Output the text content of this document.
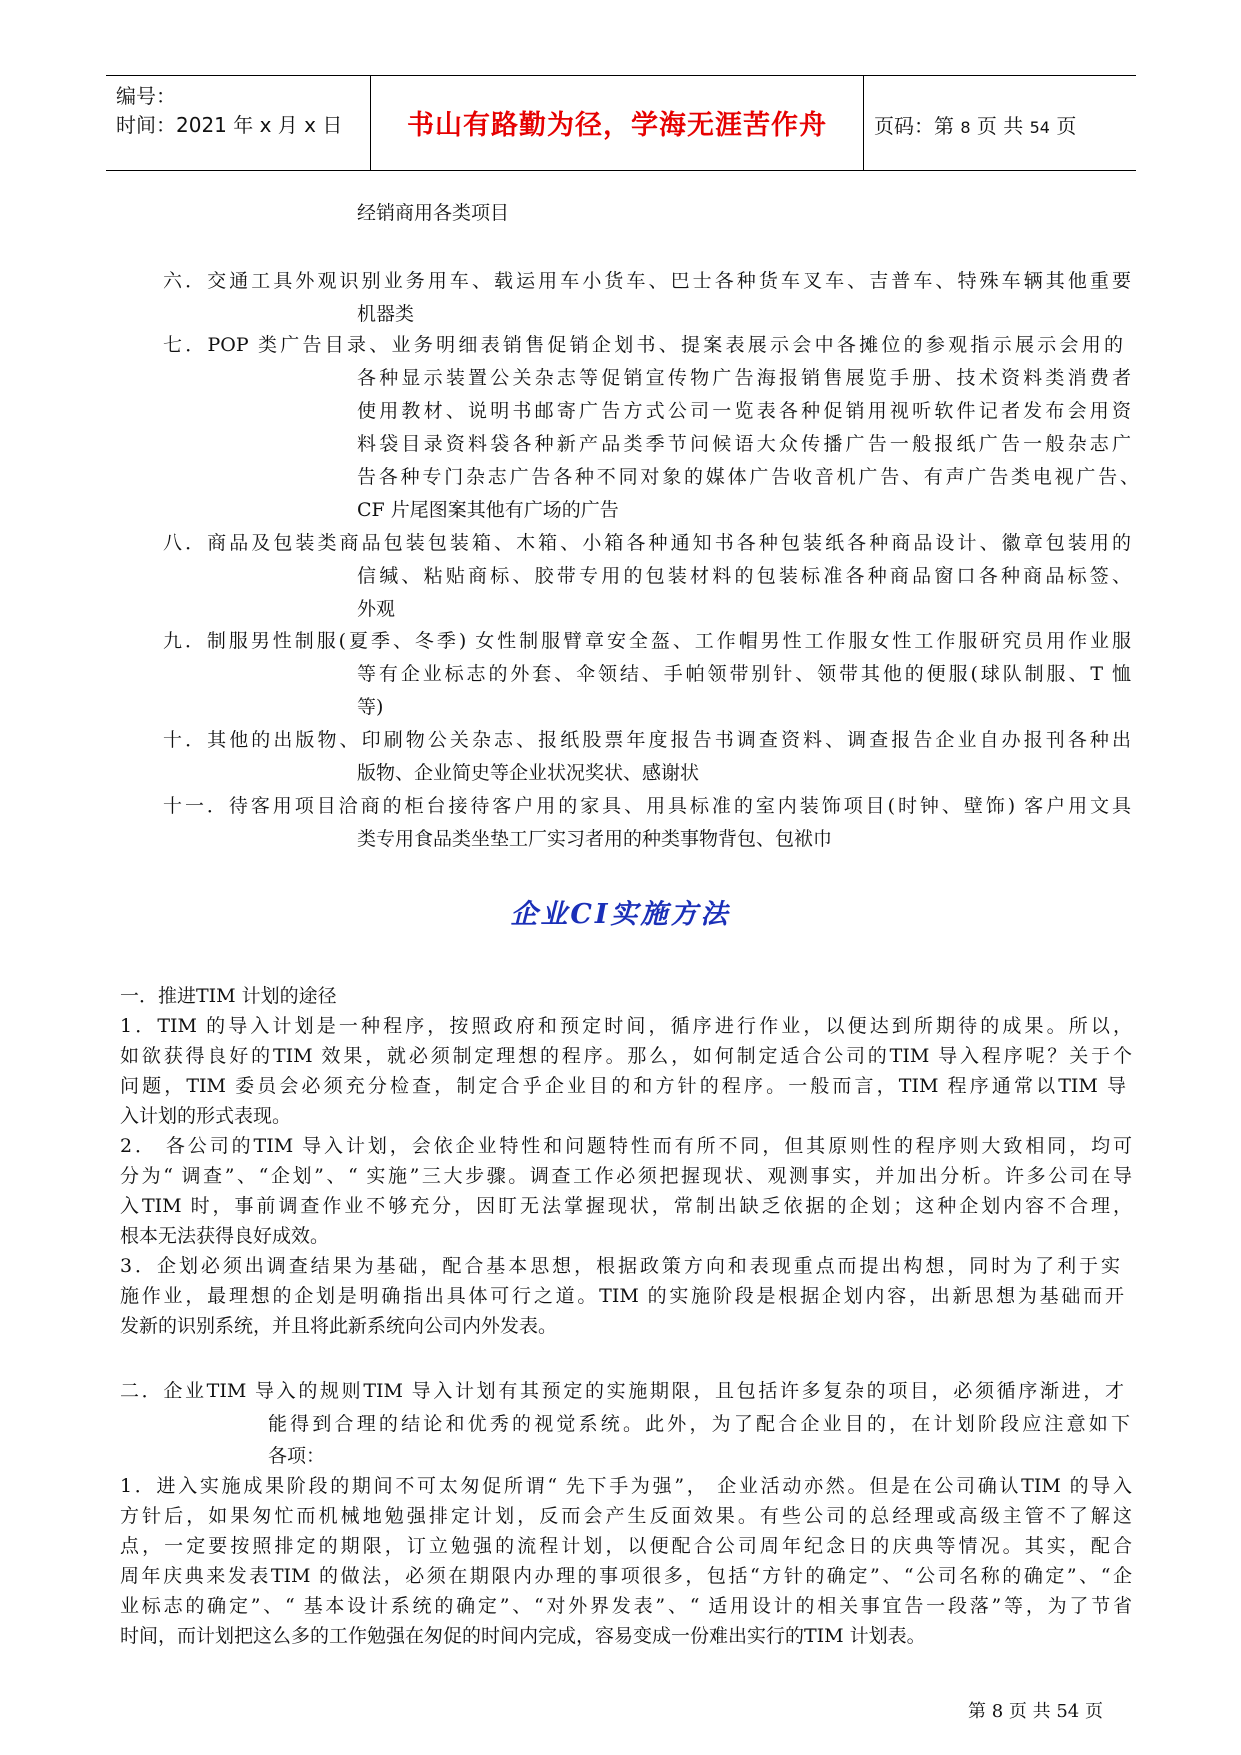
编号：
时间：2021 年 x 月 x 日	书山有路勤为径，学海无涯苦作舟	页码：第 8 页 共 54 页
经销商用各类项目
六．交通工具外观识别业务用车、载运用车小货车、巴士各种货车叉车、吉普车、特殊车辆其他重要
机器类
七．POP 类广告目录、业务明细表销售促销企划书、提案表展示会中各摊位的参观指示展示会用的
各种显示装置公关杂志等促销宣传物广告海报销售展览手册、技术资料类消费者
使用教材、说明书邮寄广告方式公司一览表各种促销用视听软件记者发布会用资
料袋目录资料袋各种新产品类季节问候语大众传播广告一般报纸广告一般杂志广
告各种专门杂志广告各种不同对象的媒体广告收音机广告、有声广告类电视广告、
CF 片尾图案其他有广场的广告
八．商品及包装类商品包装包装箱、木箱、小箱各种通知书各种包装纸各种商品设计、徽章包装用的
信缄、粘贴商标、胶带专用的包装材料的包装标准各种商品窗口各种商品标签、
外观
九．制服男性制服(夏季、冬季) 女性制服臂章安全盔、工作帽男性工作服女性工作服研究员用作业服
等有企业标志的外套、伞领结、手帕领带别针、领带其他的便服(球队制服、T 恤
等)
十．其他的出版物、印刷物公关杂志、报纸股票年度报告书调查资料、调查报告企业自办报刊各种出
版物、企业简史等企业状况奖状、感谢状
十一．待客用项目洽商的柜台接待客户用的家具、用具标准的室内装饰项目(时钟、壁饰) 客户用文具
类专用食品类坐垫工厂实习者用的种类事物背包、包袱巾
企业CI实施方法
一．推进TIM 计划的途径
1．TIM 的导入计划是一种程序，按照政府和预定时间，循序进行作业，以便达到所期待的成果。所以，
如欲获得良好的TIM 效果，就必须制定理想的程序。那么，如何制定适合公司的TIM 导入程序呢？关于个
问题，TIM 委员会必须充分检查，制定合乎企业目的和方针的程序。一般而言，TIM 程序通常以TIM 导
入计划的形式表现。
2． 各公司的TIM 导入计划，会依企业特性和问题特性而有所不同，但其原则性的程序则大致相同，均可
分为“ 调查”、“企划”、“ 实施”三大步骤。调查工作必须把握现状、观测事实，并加出分析。许多公司在导
入TIM 时，事前调查作业不够充分，因盯无法掌握现状，常制出缺乏依据的企划；这种企划内容不合理，
根本无法获得良好成效。
3．企划必须出调查结果为基础，配合基本思想，根据政策方向和表现重点而提出构想，同时为了利于实
施作业，最理想的企划是明确指出具体可行之道。TIM 的实施阶段是根据企划内容，出新思想为基础而开
发新的识别系统，并且将此新系统向公司内外发表。
二．企业TIM 导入的规则TIM 导入计划有其预定的实施期限，且包括许多复杂的项目，必须循序渐进，才
能得到合理的结论和优秀的视觉系统。此外，为了配合企业目的，在计划阶段应注意如下
各项：
1．进入实施成果阶段的期间不可太匆促所谓“ 先下手为强”， 企业活动亦然。但是在公司确认TIM 的导入
方针后，如果匆忙而机械地勉强排定计划，反而会产生反面效果。有些公司的总经理或高级主管不了解这
点，一定要按照排定的期限，订立勉强的流程计划，以便配合公司周年纪念日的庆典等情况。其实，配合
周年庆典来发表TIM 的做法，必须在期限内办理的事项很多，包括“方针的确定”、“公司名称的确定”、“企
业标志的确定”、“ 基本设计系统的确定”、“对外界发表”、“ 适用设计的相关事宜告一段落”等，为了节省
时间，而计划把这么多的工作勉强在匆促的时间内完成，容易变成一份难出实行的TIM 计划表。
第 8 页 共 54 页
